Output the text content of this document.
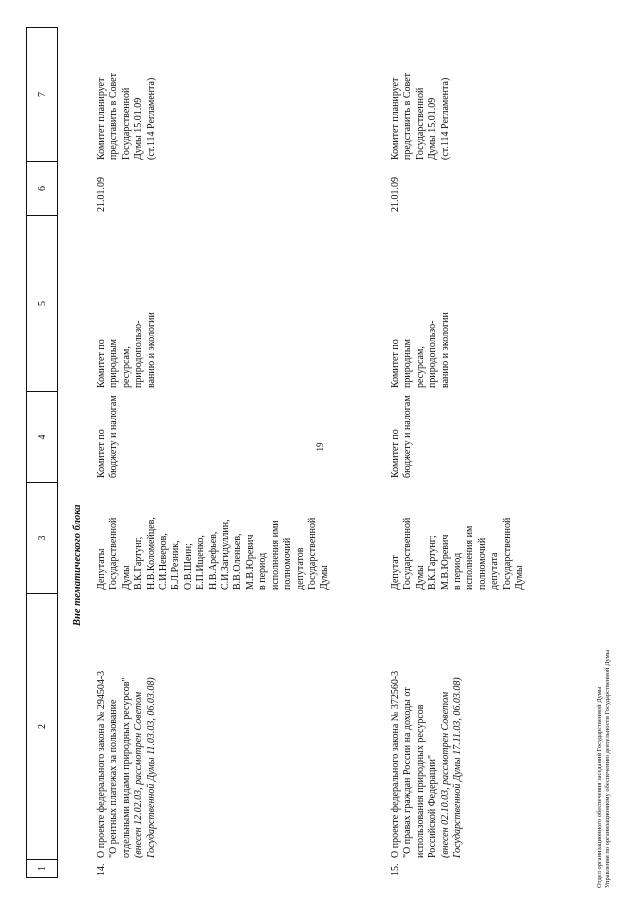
19
1
2
3
4
5
6
7
Вне тематического блока
14.
О проекте федерального закона № 294504-3 "О рентных платежах за пользование отдельными видами природных ресурсов" (внесен 12.02.03, рассмотрен Советом Государственной Думы 11.03.03, 06.03.08)
Депутаты Государственной Думы В.К.Гартунг, Н.В.Коломейцев, С.И.Неверов, Б.Л.Резник, О.В.Шеин; Е.П.Ищенко, Н.В.Арефьев, С.И.Загидуллин, В.В.Оленьев, М.В.Юревич в период исполнения ими полномочий депутатов Государственной Думы
Комитет по бюджету и налогам
Комитет по природным ресурсам, природопользо- ванию и экологии
21.01.09
Комитет планирует представить в Совет Государственной Думы 15.01.09 (ст.114 Регламента)
15.
О проекте федерального закона № 372560-3 "О правах граждан России на доходы от использования природных ресурсов Российской Федерации" (внесен 02.10.03, рассмотрен Советом Государственной Думы 17.11.03, 06.03.08)
Депутат Государственной Думы В.К.Гартунг; М.В.Юревич в период исполнения им полномочий депутата Государственной Думы
Комитет по бюджету и налогам
Комитет по природным ресурсам, природопользо- ванию и экологии
21.01.09
Комитет планирует представить в Совет Государственной Думы 15.01.09 (ст.114 Регламента)
Отдел организационного обеспечения заседаний Государственной Думы Управления по организационному обеспечению деятельности Государственной Думы
